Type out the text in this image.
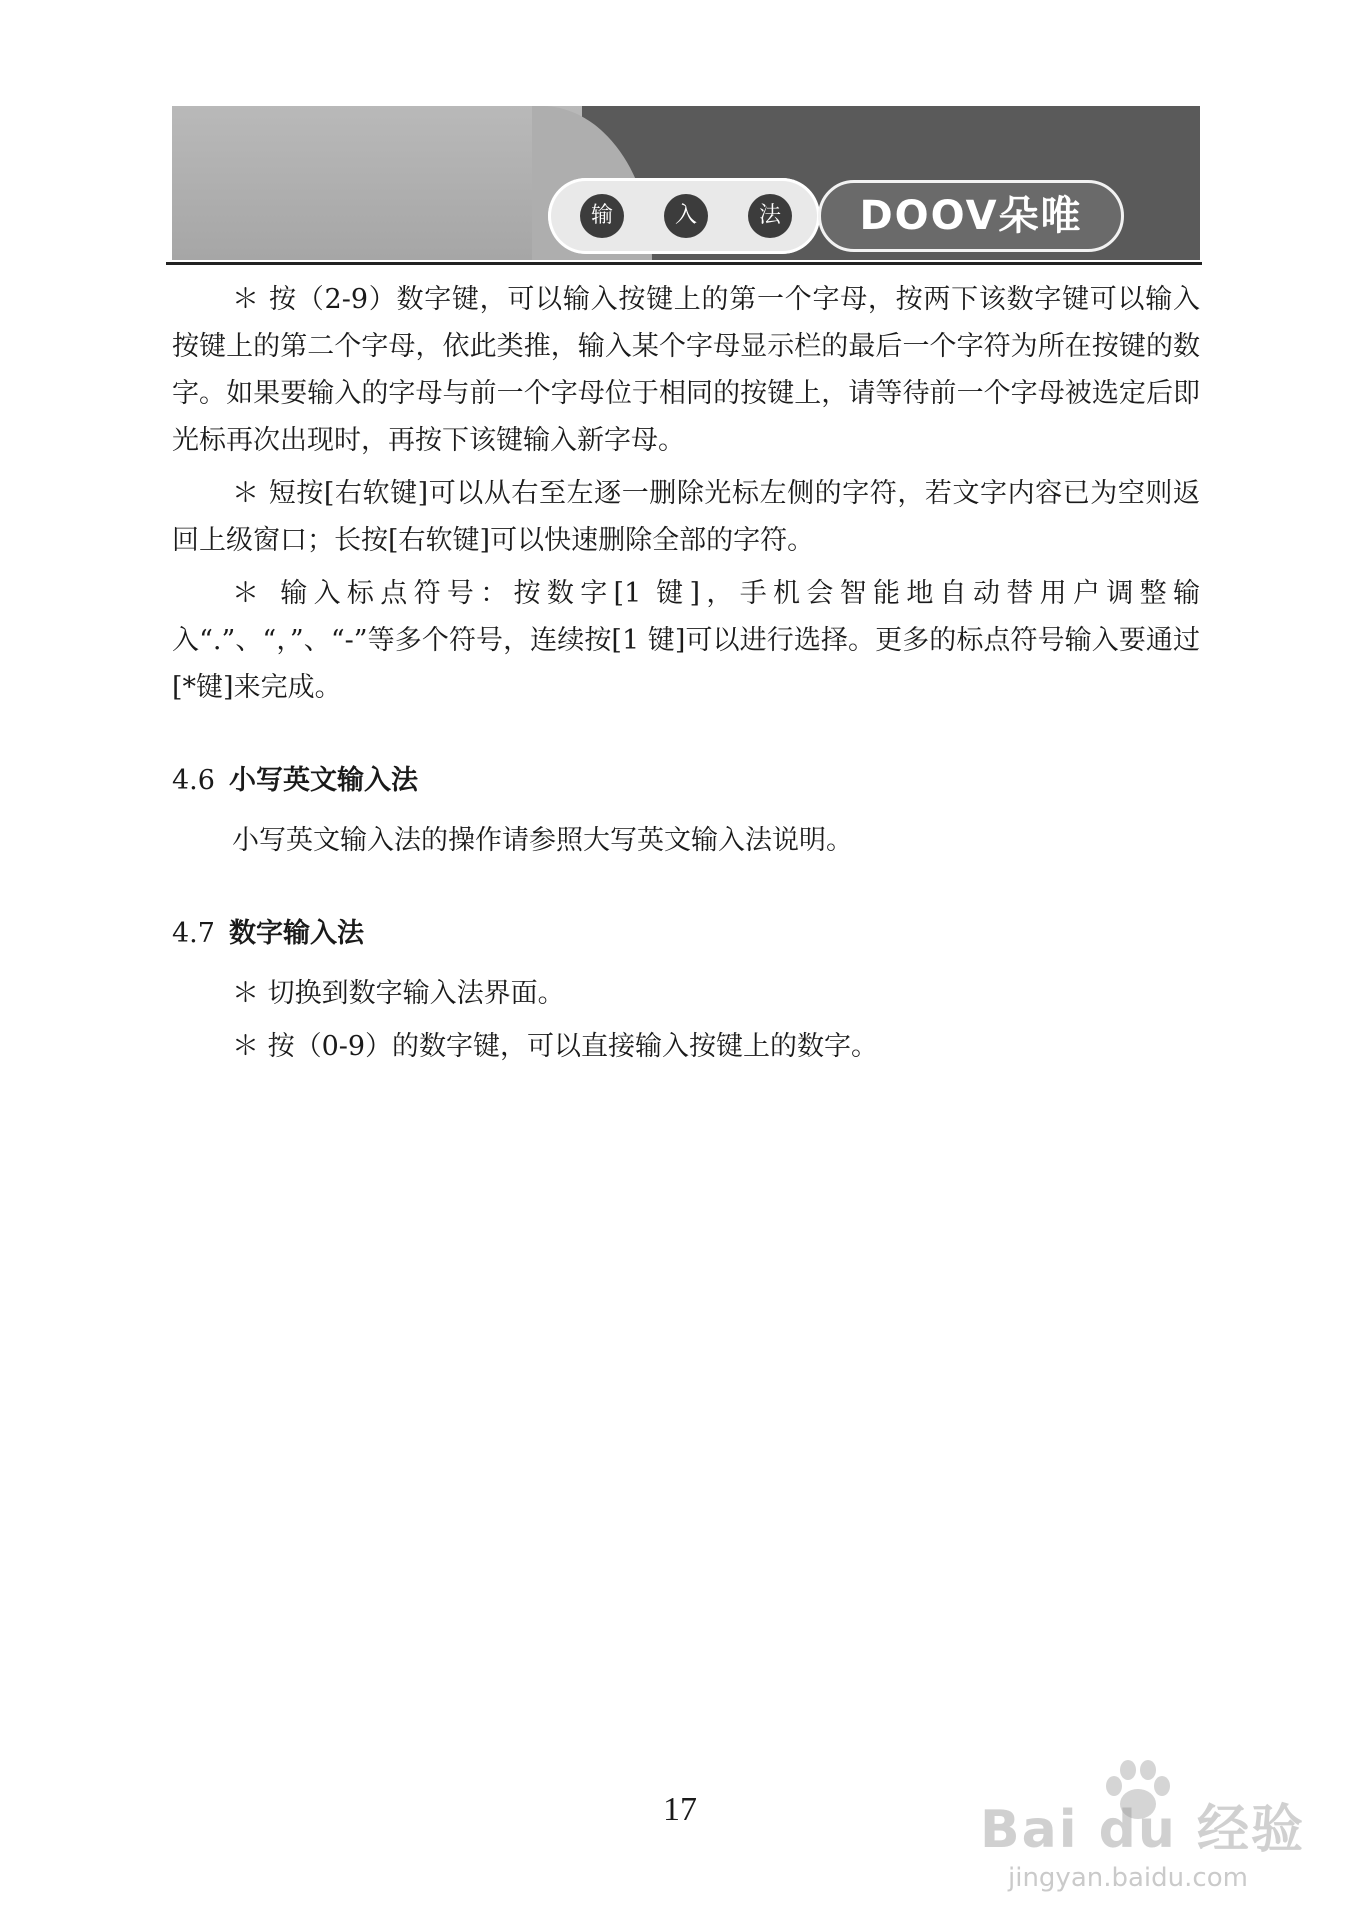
输	入	法	DOOV朵唯

＊ 按（2-9）数字键，可以输入按键上的第一个字母，按两下该数字键可以输入按键上的第二个字母，依此类推，输入某个字母显示栏的最后一个字符为所在按键的数字。如果要输入的字母与前一个字母位于相同的按键上，请等待前一个字母被选定后即光标再次出现时，再按下该键输入新字母。

＊ 短按[右软键]可以从右至左逐一删除光标左侧的字符，若文字内容已为空则返回上级窗口；长按[右软键]可以快速删除全部的字符。

＊ 输入标点符号：按数字[1 键]，手机会智能地自动替用户调整输入“.”、“，”、“-”等多个符号，连续按[1 键]可以进行选择。更多的标点符号输入要通过[*键]来完成。

4.6 小写英文输入法

小写英文输入法的操作请参照大写英文输入法说明。

4.7 数字输入法

＊ 切换到数字输入法界面。

＊ 按（0-9）的数字键，可以直接输入按键上的数字。

17	Bai du 经验
jingyan.baidu.com
